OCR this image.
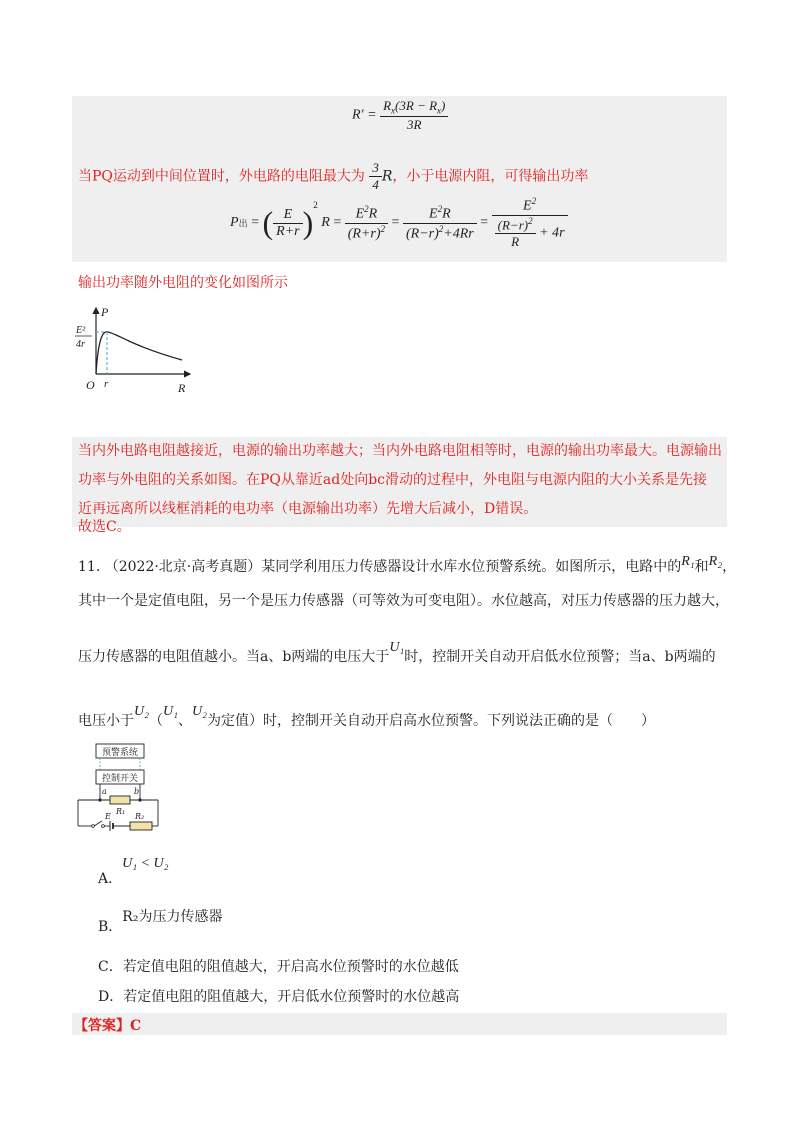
$R' = \frac{R_x(3R - R_x)}{3R}$
当PQ运动到中间位置时，外电路的电阻最大为 $\frac{3}{4}$ R，小于电源内阻，可得输出功率
P出 = ( $\frac{E}{R+r} )^2$ $R = \frac{E^2R}{(R+r)^2} = \frac{E^2R}{(R-r)^2+4Rr} = \frac{E^2}{\frac{(R-r)^2}{R} + 4r}$
输出功率随外电阻的变化如图所示
P
R
O r
E²
4r
当内外电路电阻越接近，电源的输出功率越大；当内外电路电阻相等时，电源的输出功率最大。电源输出
功率与外电阻的关系如图。在PQ从靠近ad处向bc滑动的过程中，外电阻与电源内阻的大小关系是先接
近再远离所以线框消耗的电功率（电源输出功率）先增大后减小，D错误。
故选C。
11. （2022·北京·高考真题）某同学利用压力传感器设计水库水位预警系统。如图所示，电路中的R₁和R₂，
其中一个是定值电阻，另一个是压力传感器（可等效为可变电阻）。水位越高，对压力传感器的压力越大，
压力传感器的电阻值越小。当a、b两端的电压大于U₁时，控制开关自动开启低水位预警；当a、b两端的
电压小于U₂（U₁、U₂为定值）时，控制开关自动开启高水位预警。下列说法正确的是（　　）
预警系统
控制开关
a	b
R₁
E	R₂
A．U₁ < U₂
B．R₂为压力传感器
C．若定值电阻的阻值越大，开启高水位预警时的水位越低
D．若定值电阻的阻值越大，开启低水位预警时的水位越高
【答案】C
